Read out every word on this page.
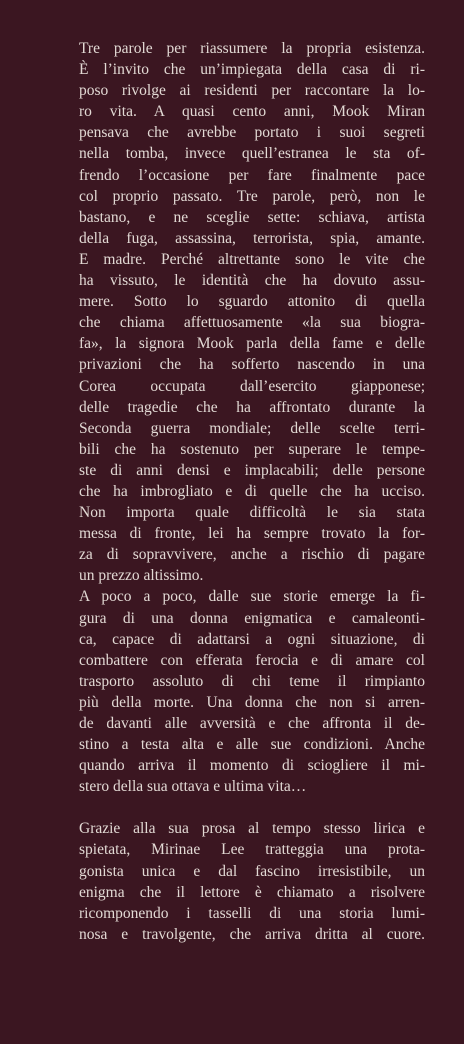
Tre parole per riassumere la propria esistenza.
È l’invito che un’impiegata della casa di ri-
poso rivolge ai residenti per raccontare la lo-
ro vita. A quasi cento anni, Mook Miran
pensava che avrebbe portato i suoi segreti
nella tomba, invece quell’estranea le sta of-
frendo l’occasione per fare finalmente pace
col proprio passato. Tre parole, però, non le
bastano, e ne sceglie sette: schiava, artista
della fuga, assassina, terrorista, spia, amante.
E madre. Perché altrettante sono le vite che
ha vissuto, le identità che ha dovuto assu-
mere. Sotto lo sguardo attonito di quella
che chiama affettuosamente «la sua biogra-
fa», la signora Mook parla della fame e delle
privazioni che ha sofferto nascendo in una
Corea occupata dall’esercito giapponese;
delle tragedie che ha affrontato durante la
Seconda guerra mondiale; delle scelte terri-
bili che ha sostenuto per superare le tempe-
ste di anni densi e implacabili; delle persone
che ha imbrogliato e di quelle che ha ucciso.
Non importa quale difficoltà le sia stata
messa di fronte, lei ha sempre trovato la for-
za di sopravvivere, anche a rischio di pagare
un prezzo altissimo.

A poco a poco, dalle sue storie emerge la fi-
gura di una donna enigmatica e camaleonti-
ca, capace di adattarsi a ogni situazione, di
combattere con efferata ferocia e di amare col
trasporto assoluto di chi teme il rimpianto
più della morte. Una donna che non si arren-
de davanti alle avversità e che affronta il de-
stino a testa alta e alle sue condizioni. Anche
quando arriva il momento di sciogliere il mi-
stero della sua ottava e ultima vita…

Grazie alla sua prosa al tempo stesso lirica e
spietata, Mirinae Lee tratteggia una prota-
gonista unica e dal fascino irresistibile, un
enigma che il lettore è chiamato a risolvere
ricomponendo i tasselli di una storia lumi-
nosa e travolgente, che arriva dritta al cuore.
